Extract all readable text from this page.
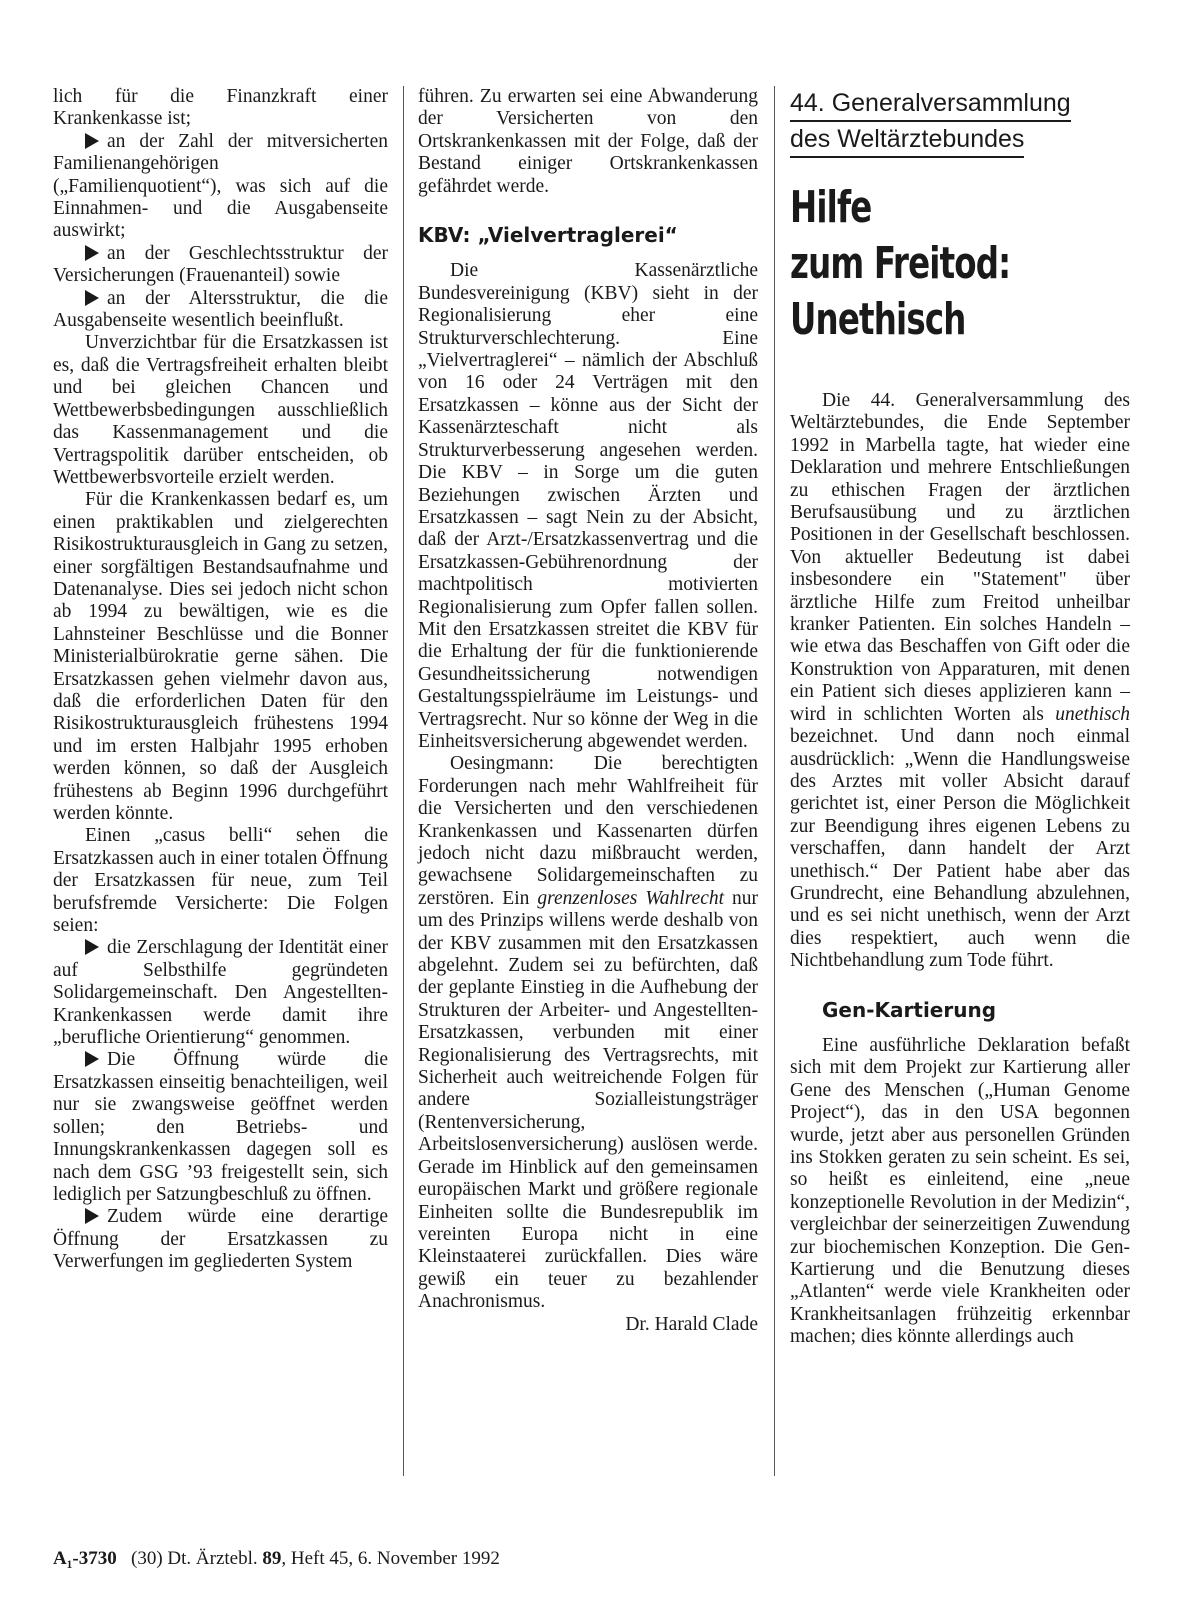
lich für die Finanzkraft einer Krankenkasse ist;

an der Zahl der mitversicherten Familienangehörigen („Familienquotient“), was sich auf die Einnahmen- und die Ausgabenseite auswirkt;

an der Geschlechtsstruktur der Versicherungen (Frauenanteil) sowie

an der Altersstruktur, die die Ausgabenseite wesentlich beeinflußt.

Unverzichtbar für die Ersatzkassen ist es, daß die Vertragsfreiheit erhalten bleibt und bei gleichen Chancen und Wettbewerbsbedingungen ausschließlich das Kassenmanagement und die Vertragspolitik darüber entscheiden, ob Wettbewerbsvorteile erzielt werden.

Für die Krankenkassen bedarf es, um einen praktikablen und zielgerechten Risikostrukturausgleich in Gang zu setzen, einer sorgfältigen Bestandsaufnahme und Datenanalyse. Dies sei jedoch nicht schon ab 1994 zu bewältigen, wie es die Lahnsteiner Beschlüsse und die Bonner Ministerialbürokratie gerne sähen. Die Ersatzkassen gehen vielmehr davon aus, daß die erforderlichen Daten für den Risikostrukturausgleich frühestens 1994 und im ersten Halbjahr 1995 erhoben werden können, so daß der Ausgleich frühestens ab Beginn 1996 durchgeführt werden könnte.

Einen „casus belli“ sehen die Ersatzkassen auch in einer totalen Öffnung der Ersatzkassen für neue, zum Teil berufsfremde Versicherte: Die Folgen seien:

die Zerschlagung der Identität einer auf Selbsthilfe gegründeten Solidargemeinschaft. Den Angestellten-Krankenkassen werde damit ihre „berufliche Orientierung“ genommen.

Die Öffnung würde die Ersatzkassen einseitig benachteiligen, weil nur sie zwangsweise geöffnet werden sollen; den Betriebs- und Innungskrankenkassen dagegen soll es nach dem GSG ’93 freigestellt sein, sich lediglich per Satzungbeschluß zu öffnen.

Zudem würde eine derartige Öffnung der Ersatzkassen zu Verwerfungen im gegliederten System

führen. Zu erwarten sei eine Abwanderung der Versicherten von den Ortskrankenkassen mit der Folge, daß der Bestand einiger Ortskrankenkassen gefährdet werde.

KBV: „Vielvertraglerei“

Die Kassenärztliche Bundesvereinigung (KBV) sieht in der Regionalisierung eher eine Strukturverschlechterung. Eine „Vielvertraglerei“ – nämlich der Abschluß von 16 oder 24 Verträgen mit den Ersatzkassen – könne aus der Sicht der Kassenärzteschaft nicht als Strukturverbesserung angesehen werden. Die KBV – in Sorge um die guten Beziehungen zwischen Ärzten und Ersatzkassen – sagt Nein zu der Absicht, daß der Arzt-/Ersatzkassenvertrag und die Ersatzkassen-Gebührenordnung der machtpolitisch motivierten Regionalisierung zum Opfer fallen sollen. Mit den Ersatzkassen streitet die KBV für die Erhaltung der für die funktionierende Gesundheitssicherung notwendigen Gestaltungsspielräume im Leistungs- und Vertragsrecht. Nur so könne der Weg in die Einheitsversicherung abgewendet werden.

Oesingmann: Die berechtigten Forderungen nach mehr Wahlfreiheit für die Versicherten und den verschiedenen Krankenkassen und Kassenarten dürfen jedoch nicht dazu mißbraucht werden, gewachsene Solidargemeinschaften zu zerstören. Ein grenzenloses Wahlrecht nur um des Prinzips willens werde deshalb von der KBV zusammen mit den Ersatzkassen abgelehnt. Zudem sei zu befürchten, daß der geplante Einstieg in die Aufhebung der Strukturen der Arbeiter- und Angestellten-Ersatzkassen, verbunden mit einer Regionalisierung des Vertragsrechts, mit Sicherheit auch weitreichende Folgen für andere Sozialleistungsträger (Rentenversicherung, Arbeitslosenversicherung) auslösen werde. Gerade im Hinblick auf den gemeinsamen europäischen Markt und größere regionale Einheiten sollte die Bundesrepublik im vereinten Europa nicht in eine Kleinstaaterei zurückfallen. Dies wäre gewiß ein teuer zu bezahlender Anachronismus.

Dr. Harald Clade

44. Generalversammlung
des Weltärztebundes
Hilfe
zum Freitod:
Unethisch

Die 44. Generalversammlung des Weltärztebundes, die Ende September 1992 in Marbella tagte, hat wieder eine Deklaration und mehrere Entschließungen zu ethischen Fragen der ärztlichen Berufsausübung und zu ärztlichen Positionen in der Gesellschaft beschlossen. Von aktueller Bedeutung ist dabei insbesondere ein "Statement" über ärztliche Hilfe zum Freitod unheilbar kranker Patienten. Ein solches Handeln – wie etwa das Beschaffen von Gift oder die Konstruktion von Apparaturen, mit denen ein Patient sich dieses applizieren kann – wird in schlichten Worten als unethisch bezeichnet. Und dann noch einmal ausdrücklich: „Wenn die Handlungsweise des Arztes mit voller Absicht darauf gerichtet ist, einer Person die Möglichkeit zur Beendigung ihres eigenen Lebens zu verschaffen, dann handelt der Arzt unethisch.“ Der Patient habe aber das Grundrecht, eine Behandlung abzulehnen, und es sei nicht unethisch, wenn der Arzt dies respektiert, auch wenn die Nichtbehandlung zum Tode führt.

Gen-Kartierung

Eine ausführliche Deklaration befaßt sich mit dem Projekt zur Kartierung aller Gene des Menschen („Human Genome Project“), das in den USA begonnen wurde, jetzt aber aus personellen Gründen ins Stokken geraten zu sein scheint. Es sei, so heißt es einleitend, eine „neue konzeptionelle Revolution in der Medizin“, vergleichbar der seinerzeitigen Zuwendung zur biochemischen Konzeption. Die Gen-Kartierung und die Benutzung dieses „Atlanten“ werde viele Krankheiten oder Krankheitsanlagen frühzeitig erkennbar machen; dies könnte allerdings auch

A₁-3730 (30) Dt. Ärztebl. 89, Heft 45, 6. November 1992
